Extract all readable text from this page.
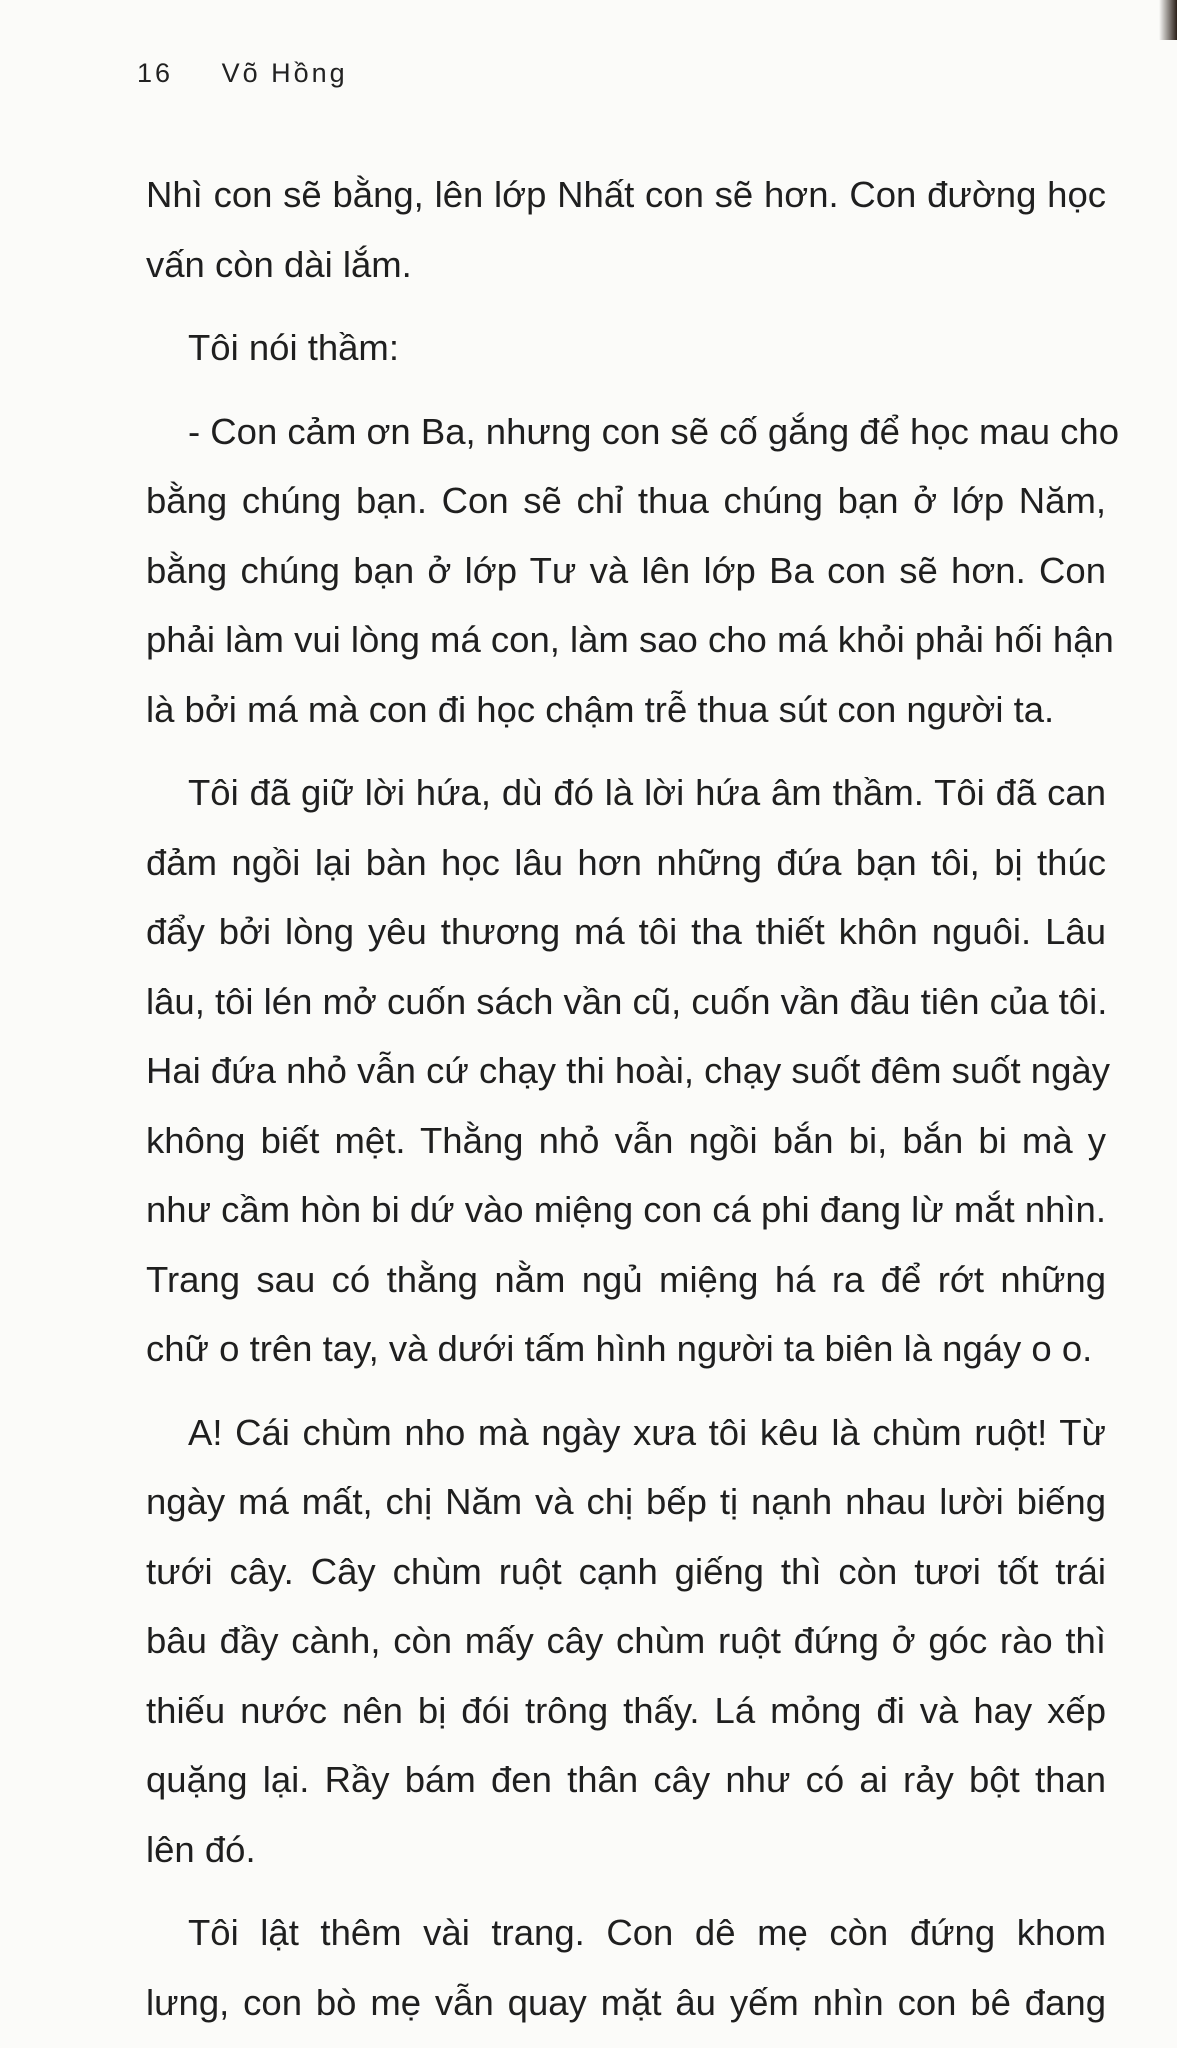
16 Võ Hồng
Nhì con sẽ bằng, lên lớp Nhất con sẽ hơn. Con đường học
vấn còn dài lắm.
Tôi nói thầm:
- Con cảm ơn Ba, nhưng con sẽ cố gắng để học mau cho
bằng chúng bạn. Con sẽ chỉ thua chúng bạn ở lớp Năm,
bằng chúng bạn ở lớp Tư và lên lớp Ba con sẽ hơn. Con
phải làm vui lòng má con, làm sao cho má khỏi phải hối hận
là bởi má mà con đi học chậm trễ thua sút con người ta.
Tôi đã giữ lời hứa, dù đó là lời hứa âm thầm. Tôi đã can
đảm ngồi lại bàn học lâu hơn những đứa bạn tôi, bị thúc
đẩy bởi lòng yêu thương má tôi tha thiết khôn nguôi. Lâu
lâu, tôi lén mở cuốn sách vần cũ, cuốn vần đầu tiên của tôi.
Hai đứa nhỏ vẫn cứ chạy thi hoài, chạy suốt đêm suốt ngày
không biết mệt. Thằng nhỏ vẫn ngồi bắn bi, bắn bi mà y
như cầm hòn bi dứ vào miệng con cá phi đang lừ mắt nhìn.
Trang sau có thằng nằm ngủ miệng há ra để rớt những
chữ o trên tay, và dưới tấm hình người ta biên là ngáy o o.
A! Cái chùm nho mà ngày xưa tôi kêu là chùm ruột! Từ
ngày má mất, chị Năm và chị bếp tị nạnh nhau lười biếng
tưới cây. Cây chùm ruột cạnh giếng thì còn tươi tốt trái
bâu đầy cành, còn mấy cây chùm ruột đứng ở góc rào thì
thiếu nước nên bị đói trông thấy. Lá mỏng đi và hay xếp
quặng lại. Rầy bám đen thân cây như có ai rảy bột than
lên đó.
Tôi lật thêm vài trang. Con dê mẹ còn đứng khom
lưng, con bò mẹ vẫn quay mặt âu yếm nhìn con bê đang
